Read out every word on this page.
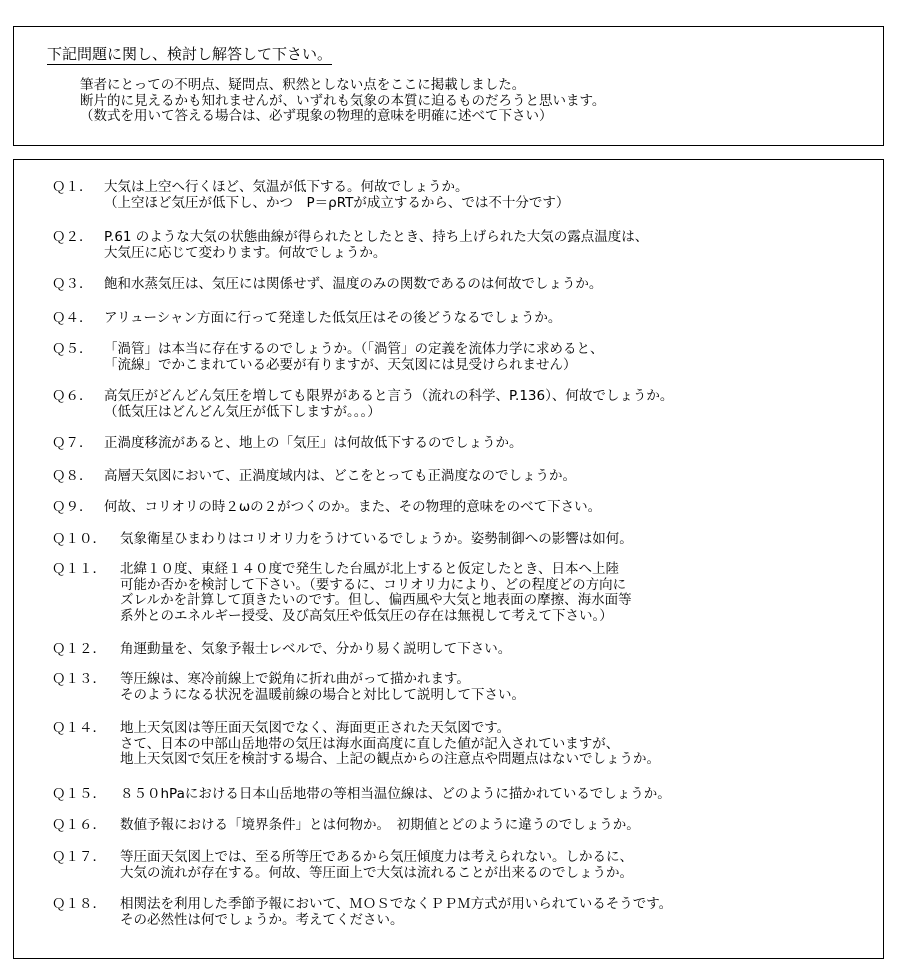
下記問題に関し、検討し解答して下さい。
筆者にとっての不明点、疑問点、釈然としない点をここに掲載しました。
断片的に見えるかも知れませんが、いずれも気象の本質に迫るものだろうと思います。
（数式を用いて答える場合は、必ず現象の物理的意味を明確に述べて下さい）
Ｑ１． 大気は上空へ行くほど、気温が低下する。何故でしょうか。
（上空ほど気圧が低下し、かつ　P＝ρRTが成立するから、では不十分です）
Ｑ２． P.61 のような大気の状態曲線が得られたとしたとき、持ち上げられた大気の露点温度は、
大気圧に応じて変わります。何故でしょうか。
Ｑ３． 飽和水蒸気圧は、気圧には関係せず、温度のみの関数であるのは何故でしょうか。
Ｑ４． アリューシャン方面に行って発達した低気圧はその後どうなるでしょうか。
Ｑ５． 「渦管」は本当に存在するのでしょうか。（「渦管」の定義を流体力学に求めると、
「流線」でかこまれている必要が有りますが、天気図には見受けられません）
Ｑ６． 高気圧がどんどん気圧を増しても限界があると言う（流れの科学、P.136）、何故でしょうか。
（低気圧はどんどん気圧が低下しますが。。。）
Ｑ７． 正渦度移流があると、地上の「気圧」は何故低下するのでしょうか。
Ｑ８． 高層天気図において、正渦度域内は、どこをとっても正渦度なのでしょうか。
Ｑ９． 何故、コリオリの時２ωの２がつくのか。また、その物理的意味をのべて下さい。
Ｑ１０．	気象衛星ひまわりはコリオリ力をうけているでしょうか。姿勢制御への影響は如何。
Ｑ１１．	北緯１０度、東経１４０度で発生した台風が北上すると仮定したとき、日本へ上陸
可能か否かを検討して下さい。（要するに、コリオリ力により、どの程度どの方向に
ズレルかを計算して頂きたいのです。但し、偏西風や大気と地表面の摩擦、海水面等
系外とのエネルギー授受、及び高気圧や低気圧の存在は無視して考えて下さい。）
Ｑ１２．	角運動量を、気象予報士レベルで、分かり易く説明して下さい。
Ｑ１３．	等圧線は、寒冷前線上で鋭角に折れ曲がって描かれます。
そのようになる状況を温暖前線の場合と対比して説明して下さい。
Ｑ１４．	地上天気図は等圧面天気図でなく、海面更正された天気図です。
さて、日本の中部山岳地帯の気圧は海水面高度に直した値が記入されていますが、
地上天気図で気圧を検討する場合、上記の観点からの注意点や問題点はないでしょうか。
Ｑ１５．	８５０hPaにおける日本山岳地帯の等相当温位線は、どのように描かれているでしょうか。
Ｑ１６．	数値予報における「境界条件」とは何物か。　初期値とどのように違うのでしょうか。
Ｑ１７．	等圧面天気図上では、至る所等圧であるから気圧傾度力は考えられない。しかるに、
大気の流れが存在する。何故、等圧面上で大気は流れることが出来るのでしょうか。
Ｑ１８．	相関法を利用した季節予報において、ＭＯＳでなくＰＰＭ方式が用いられているそうです。
その必然性は何でしょうか。考えてください。
